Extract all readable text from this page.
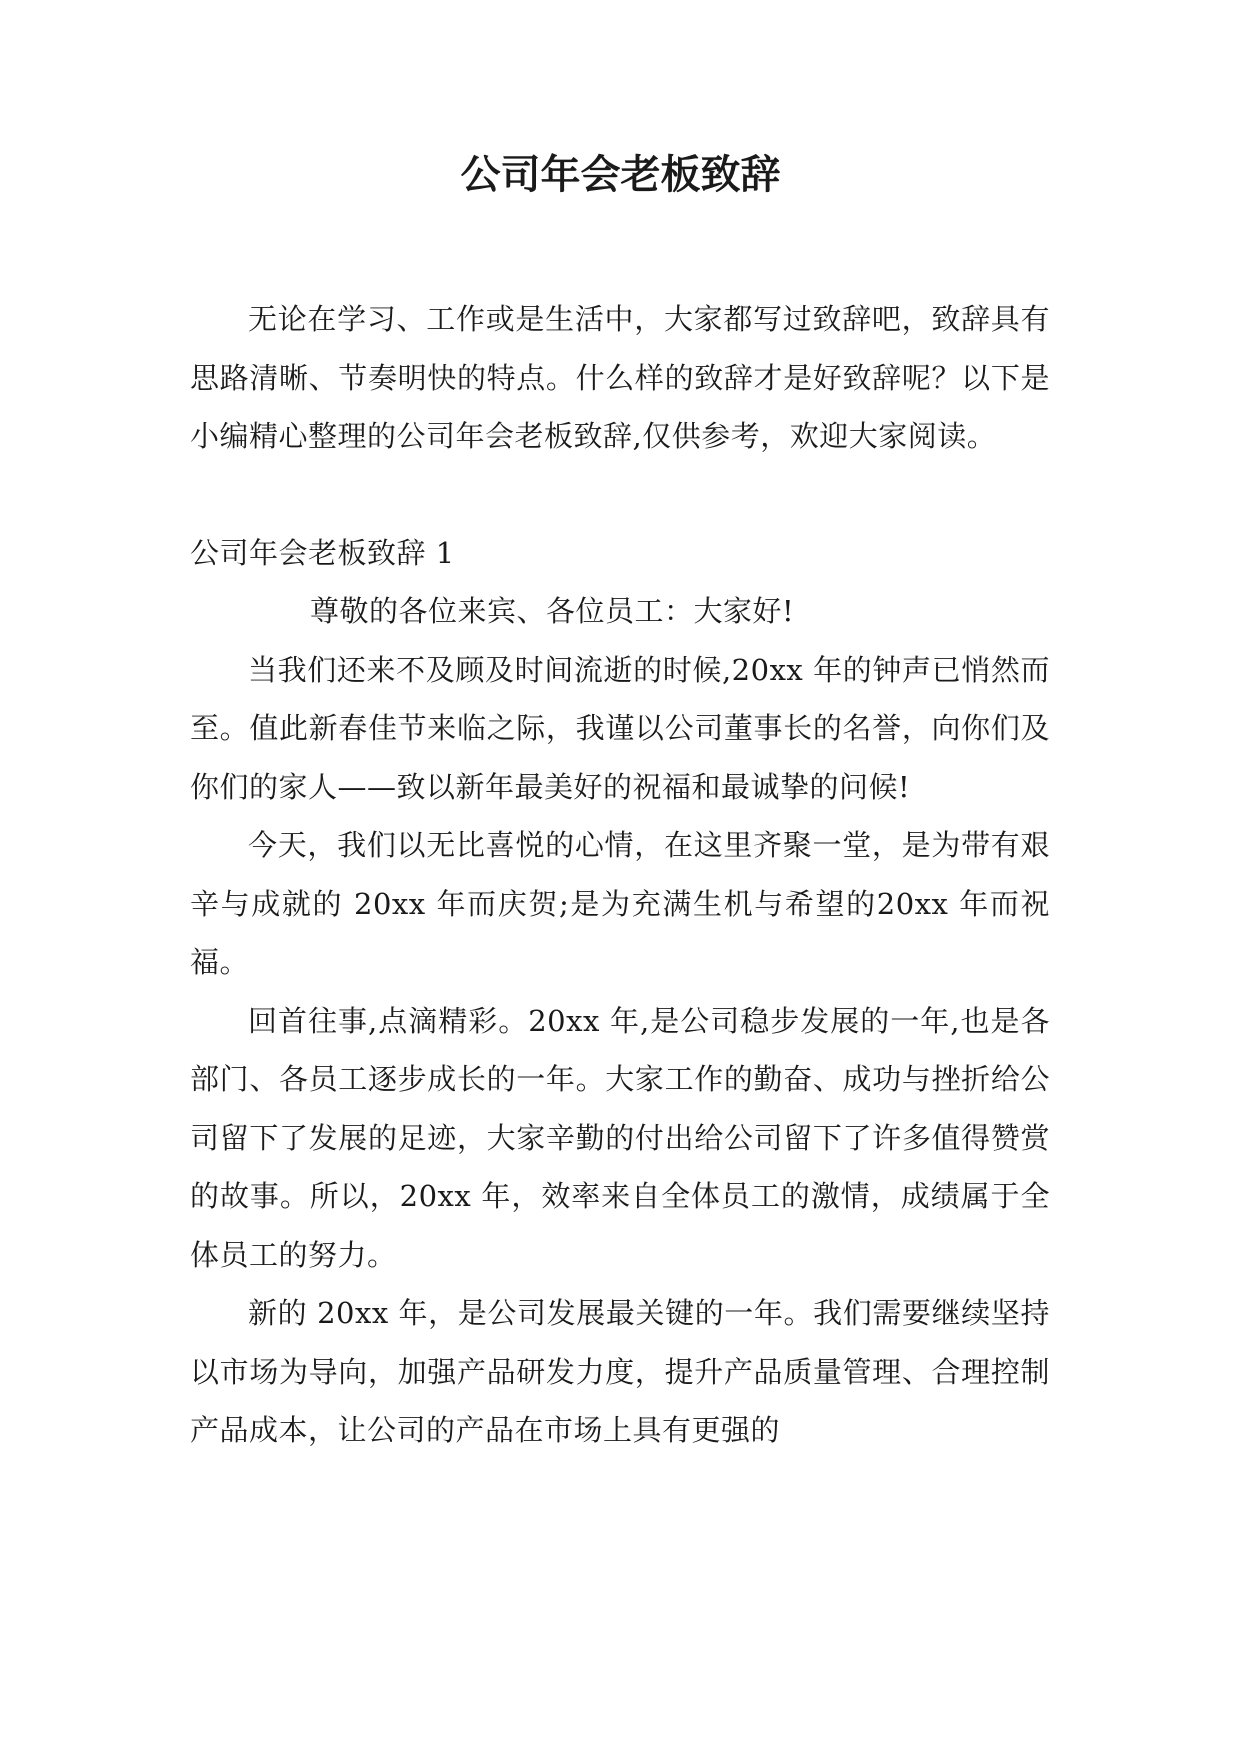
公司年会老板致辞

无论在学习、工作或是生活中，大家都写过致辞吧，致辞具有思路清晰、节奏明快的特点。什么样的致辞才是好致辞呢？以下是小编精心整理的公司年会老板致辞,仅供参考，欢迎大家阅读。

公司年会老板致辞 1
尊敬的各位来宾、各位员工：大家好!

当我们还来不及顾及时间流逝的时候,20xx 年的钟声已悄然而至。值此新春佳节来临之际，我谨以公司董事长的名誉，向你们及你们的家人——致以新年最美好的祝福和最诚挚的问候!

今天，我们以无比喜悦的心情，在这里齐聚一堂，是为带有艰辛与成就的 20xx 年而庆贺;是为充满生机与希望的20xx 年而祝福。

回首往事,点滴精彩。20xx 年,是公司稳步发展的一年,也是各部门、各员工逐步成长的一年。大家工作的勤奋、成功与挫折给公司留下了发展的足迹，大家辛勤的付出给公司留下了许多值得赞赏的故事。所以，20xx 年，效率来自全体员工的激情，成绩属于全体员工的努力。

新的 20xx 年，是公司发展最关键的一年。我们需要继续坚持以市场为导向，加强产品研发力度，提升产品质量管理、合理控制产品成本，让公司的产品在市场上具有更强的
